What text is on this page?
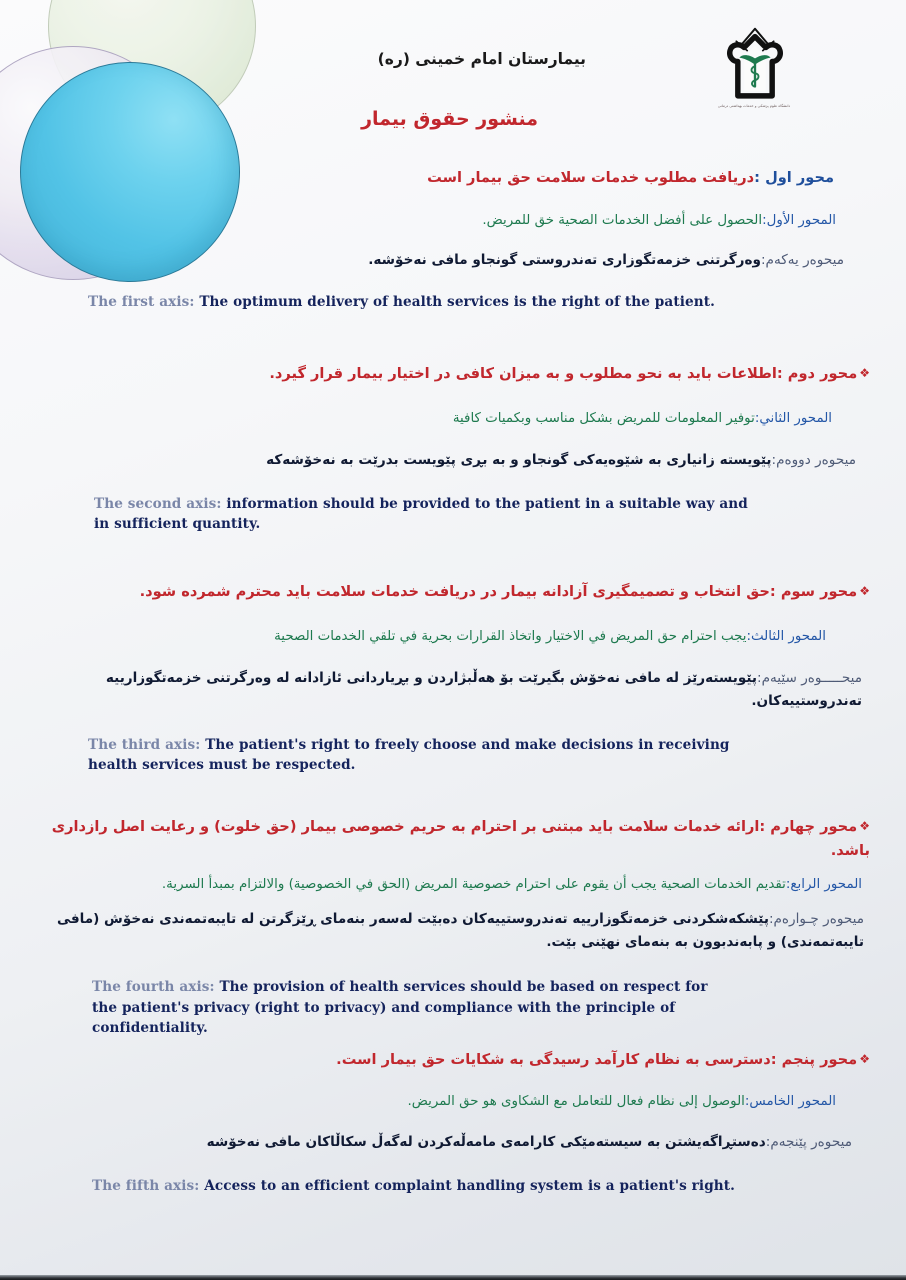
بیمارستان امام خمینی (ره)
دانشگاه علوم پزشکی و خدمات بهداشتی درمانی
منشور حقوق بیمار

محور اول :دریافت مطلوب خدمات سلامت حق بیمار است

المحور الأول:الحصول على أفضل الخدمات الصحية خق للمريض.

میحوەر یەکەم:وەرگرتنی خزمەتگوزاری تەندروستی گونجاو مافی نەخۆشە.

The first axis: The optimum delivery of health services is the right of the patient.

❖محور دوم :اطلاعات باید به نحو مطلوب و به میزان کافی در اختیار بیمار قرار گیرد.

المحور الثاني:توفير المعلومات للمريض بشكل مناسب وبكميات كافية

میحوەر دووەم:پێویستە زانیاری بە شێوەیەکی گونجاو و بە بڕی پێویست بدرێت بە نەخۆشەکە

The second axis: information should be provided to the patient in a suitable way and in sufficient quantity.

❖محور سوم :حق انتخاب و تصمیمگیری آزادانه بیمار در دریافت خدمات سلامت باید محترم شمرده شود.

المحور الثالث:يجب احترام حق المريض في الاختيار واتخاذ القرارات بحرية في تلقي الخدمات الصحية

میحـــــوەر سێیەم:پێویستەرێز لە مافی نەخۆش بگیرێت بۆ هەڵبژاردن و بڕیاردانی ئازادانە لە وەرگرتنی خزمەتگوزارییە تەندروستییەکان.

The third axis: The patient's right to freely choose and make decisions in receiving health services must be respected.

❖محور چهارم :ارائه خدمات سلامت باید مبتنی بر احترام به حریم خصوصی بیمار (حق خلوت) و رعایت اصل رازداری باشد.

المحور الرابع:تقديم الخدمات الصحية يجب أن يقوم على احترام خصوصية المريض (الحق في الخصوصية) والالتزام بمبدأ السرية.

میحوەر چـوارەم:پێشکەشکردنی خزمەتگوزارییە تەندروستییەکان دەبێت لەسەر بنەمای ڕێزگرتن لە تایبەتمەندی نەخۆش (مافی تایبەتمەندی) و پابەندبوون بە بنەمای نهێنی بێت.

The fourth axis: The provision of health services should be based on respect for the patient's privacy (right to privacy) and compliance with the principle of confidentiality.

❖محور پنجم :دسترسی به نظام کارآمد رسیدگی به شکایات حق بیمار است.

المحور الخامس:الوصول إلى نظام فعال للتعامل مع الشكاوى هو حق المريض.

میحوەر پێنجەم:دەستڕاگەیشتن بە سیستەمێکی کارامەی مامەڵەکردن لەگەڵ سکاڵاکان مافی نەخۆشە

The fifth axis: Access to an efficient complaint handling system is a patient's right.
